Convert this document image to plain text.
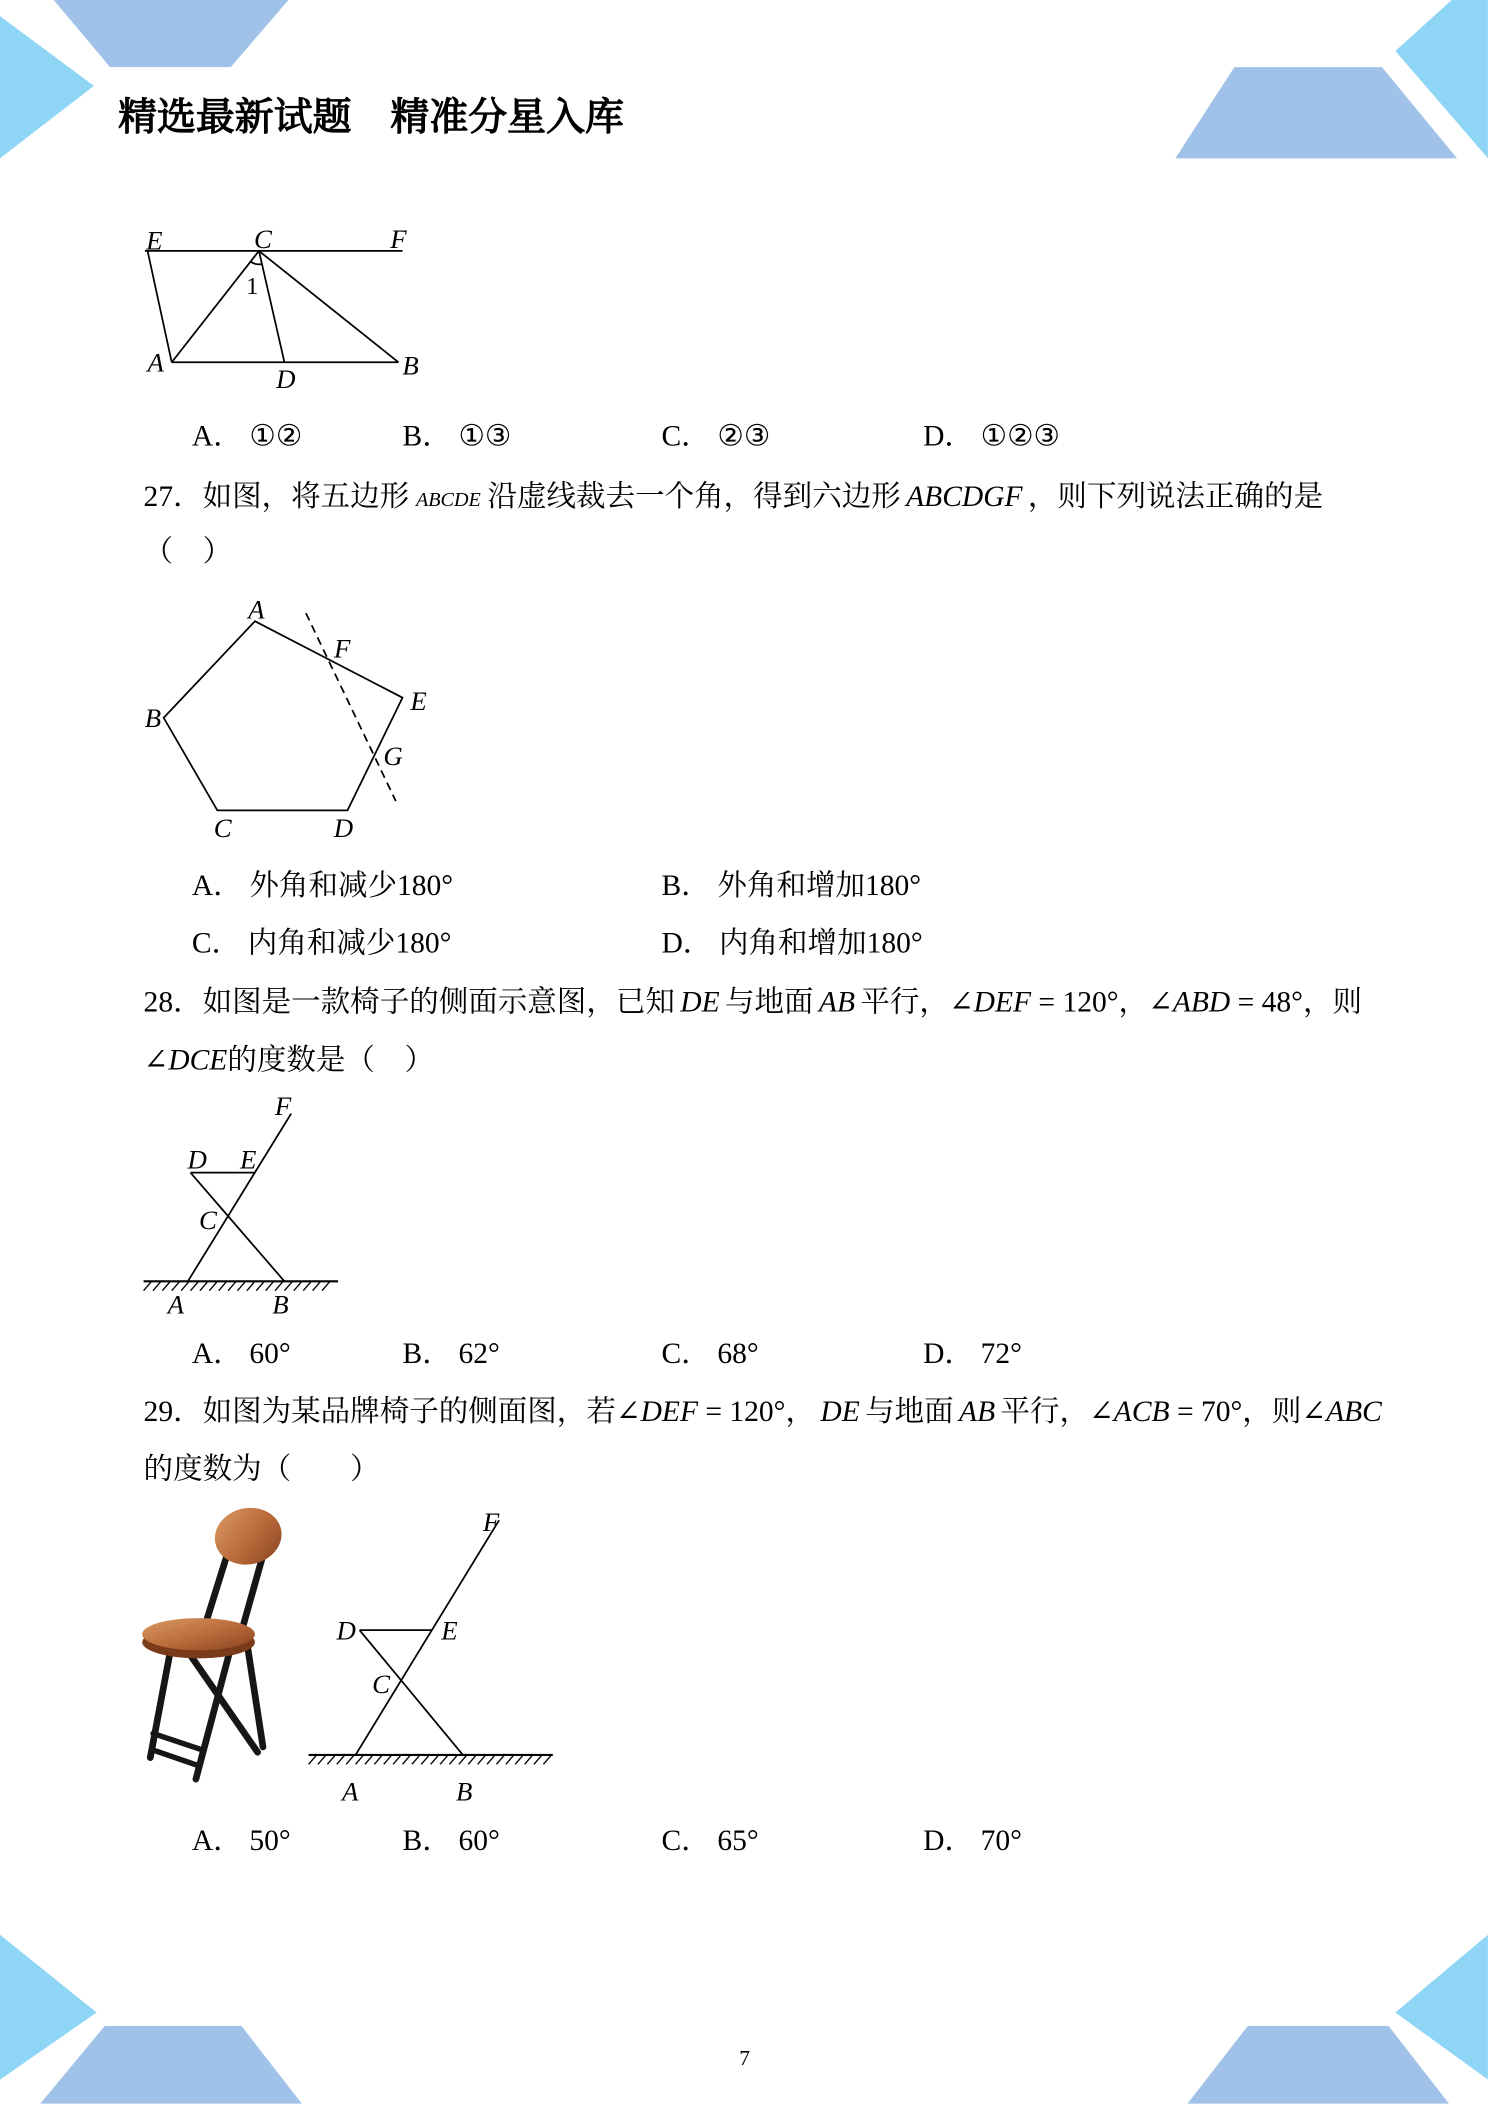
E	C	F
1
A
D	B
A
F
E
B
G
C	D
F
D E
C
A	B
F
D	E
C
A	B
精选最新试题　精准分星入库
A． ①②	B． ①③	C． ②③	D． ①②③
27．如图，将五边形 ABCDE 沿虚线裁去一个角，得到六边形 ABCDGF ，则下列说法正确的是
（　）
A． 外角和减少180°	B． 外角和增加180°
C． 内角和减少180°	D． 内角和增加180°
28．如图是一款椅子的侧面示意图，已知 DE 与地面 AB 平行，∠DEF = 120°，∠ABD = 48°，则
∠DCE的度数是（　）
A． 60°	B． 62°	C． 68°	D． 72°
29．如图为某品牌椅子的侧面图，若∠DEF = 120°， DE 与地面 AB 平行，∠ACB = 70°，则∠ABC
的度数为（　　）
A． 50°	B． 60°	C． 65°	D． 70°
7
